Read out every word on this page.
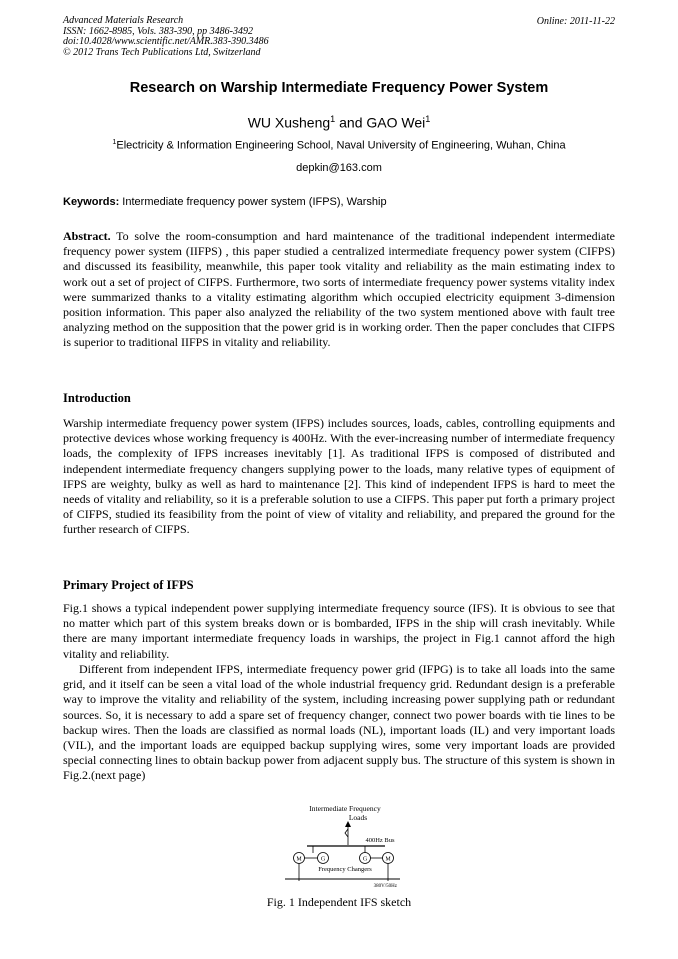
Advanced Materials Research
ISSN: 1662-8985, Vols. 383-390, pp 3486-3492
doi:10.4028/www.scientific.net/AMR.383-390.3486
© 2012 Trans Tech Publications Ltd, Switzerland
Online: 2011-11-22
Research on Warship Intermediate Frequency Power System
WU Xusheng$^1$ and GAO Wei$^1$
$^1$Electricity & Information Engineering School, Naval University of Engineering, Wuhan, China
depkin@163.com
Keywords: Intermediate frequency power system (IFPS), Warship
Abstract. To solve the room-consumption and hard maintenance of the traditional independent intermediate frequency power system (IIFPS) , this paper studied a centralized intermediate frequency power system (CIFPS) and discussed its feasibility, meanwhile, this paper took vitality and reliability as the main estimating index to work out a set of project of CIFPS. Furthermore, two sorts of intermediate frequency power systems vitality index were summarized thanks to a vitality estimating algorithm which occupied electricity equipment 3-dimension position information. This paper also analyzed the reliability of the two system mentioned above with fault tree analyzing method on the supposition that the power grid is in working order. Then the paper concludes that CIFPS is superior to traditional IIFPS in vitality and reliability.
Introduction
Warship intermediate frequency power system (IFPS) includes sources, loads, cables, controlling equipments and protective devices whose working frequency is 400Hz. With the ever-increasing number of intermediate frequency loads, the complexity of IFPS increases inevitably [1]. As traditional IFPS is composed of distributed and independent intermediate frequency changers supplying power to the loads, many relative types of equipment of IFPS are weighty, bulky as well as hard to maintenance [2]. This kind of independent IFPS is hard to meet the needs of vitality and reliability, so it is a preferable solution to use a CIFPS. This paper put forth a primary project of CIFPS, studied its feasibility from the point of view of vitality and reliability, and prepared the ground for the further research of CIFPS.
Primary Project of IFPS
Fig.1 shows a typical independent power supplying intermediate frequency source (IFS). It is obvious to see that no matter which part of this system breaks down or is bombarded, IFPS in the ship will crash inevitably. While there are many important intermediate frequency loads in warships, the project in Fig.1 cannot afford the high vitality and reliability.
Different from independent IFPS, intermediate frequency power grid (IFPG) is to take all loads into the same grid, and it itself can be seen a vital load of the whole industrial frequency grid. Redundant design is a preferable way to improve the vitality and reliability of the system, including increasing power supplying path or redundant sources. So, it is necessary to add a spare set of frequency changer, connect two power boards with tie lines to be backup wires. Then the loads are classified as normal loads (NL), important loads (IL) and very important loads (VIL), and the important loads are equipped backup supplying wires, some very important loads are provided special connecting lines to obtain backup power from adjacent supply bus. The structure of this system is shown in Fig.2.(next page)
Intermediate Frequency
Loads
400Hz Bus
M	G	G	M
Frequency Changers
380V/50Hz
Fig. 1 Independent IFS sketch
